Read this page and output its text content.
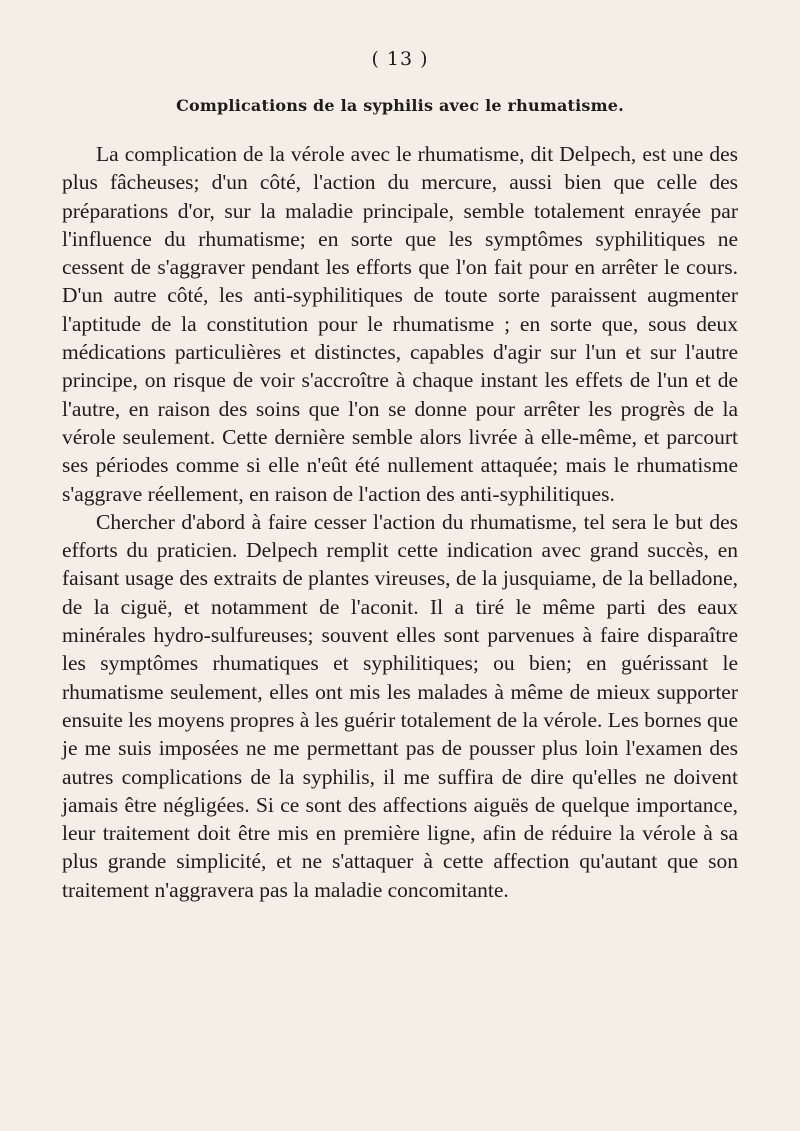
( 13 )
Complications de la syphilis avec le rhumatisme.

La complication de la vérole avec le rhumatisme, dit Delpech, est une des plus fâcheuses; d'un côté, l'action du mercure, aussi bien que celle des préparations d'or, sur la maladie principale, semble totalement enrayée par l'influence du rhumatisme; en sorte que les symptômes syphilitiques ne cessent de s'aggraver pendant les efforts que l'on fait pour en arrêter le cours. D'un autre côté, les anti-syphilitiques de toute sorte paraissent augmenter l'aptitude de la constitution pour le rhumatisme ; en sorte que, sous deux médications particulières et distinctes, capables d'agir sur l'un et sur l'autre principe, on risque de voir s'accroître à chaque instant les effets de l'un et de l'autre, en raison des soins que l'on se donne pour arrêter les progrès de la vérole seulement. Cette dernière semble alors livrée à elle-même, et parcourt ses périodes comme si elle n'eût été nullement attaquée; mais le rhumatisme s'aggrave réellement, en raison de l'action des anti-syphilitiques.

Chercher d'abord à faire cesser l'action du rhumatisme, tel sera le but des efforts du praticien. Delpech remplit cette indication avec grand succès, en faisant usage des extraits de plantes vireuses, de la jusquiame, de la belladone, de la ciguë, et notamment de l'aconit. Il a tiré le même parti des eaux minérales hydro-sulfureuses; souvent elles sont parvenues à faire disparaître les symptômes rhumatiques et syphilitiques; ou bien; en guérissant le rhumatisme seulement, elles ont mis les malades à même de mieux supporter ensuite les moyens propres à les guérir totalement de la vérole. Les bornes que je me suis imposées ne me permettant pas de pousser plus loin l'examen des autres complications de la syphilis, il me suffira de dire qu'elles ne doivent jamais être négligées. Si ce sont des affections aiguës de quelque importance, leur traitement doit être mis en première ligne, afin de réduire la vérole à sa plus grande simplicité, et ne s'attaquer à cette affection qu'autant que son traitement n'aggravera pas la maladie concomitante.
